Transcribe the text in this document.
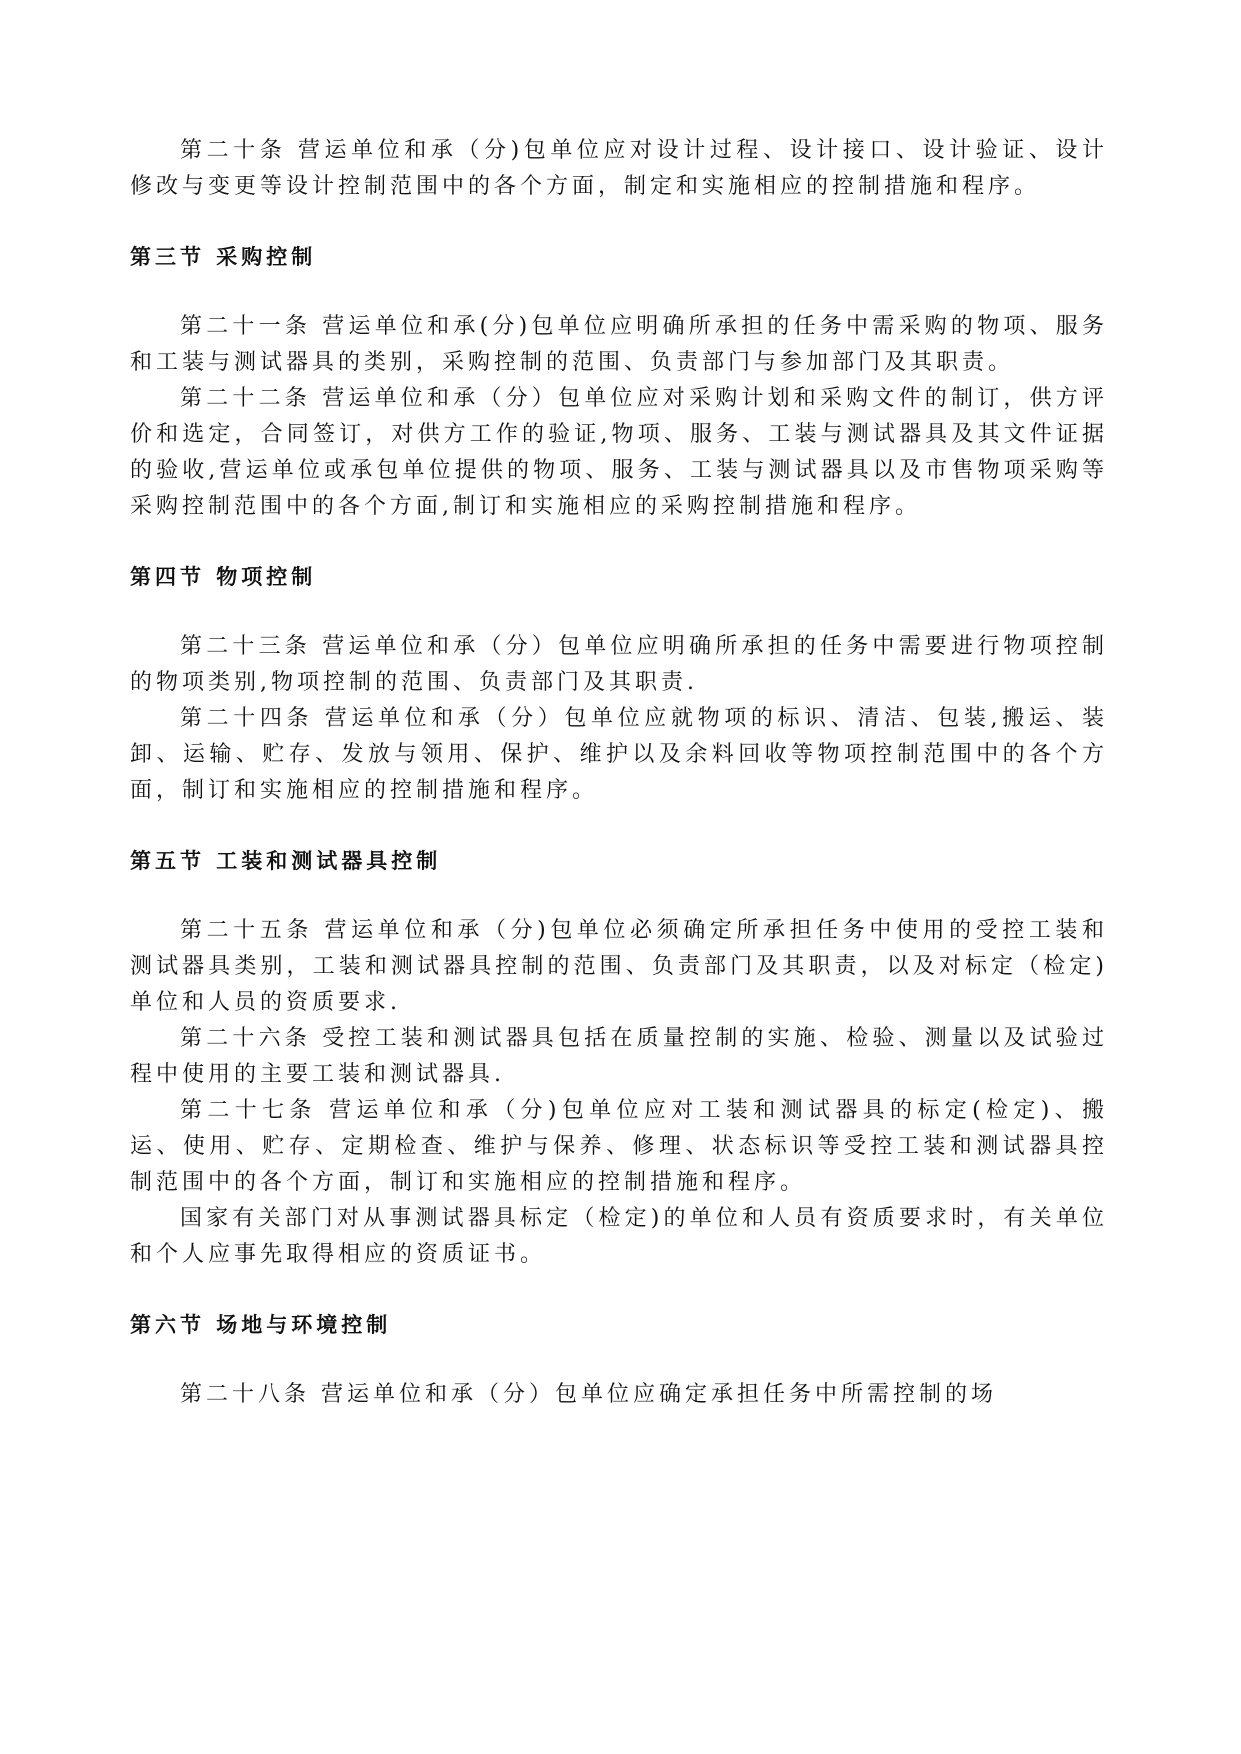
第二十条 营运单位和承（分)包单位应对设计过程、设计接口、设计验证、设计修改与变更等设计控制范围中的各个方面，制定和实施相应的控制措施和程序。

第三节 采购控制

第二十一条 营运单位和承(分)包单位应明确所承担的任务中需采购的物项、服务和工装与测试器具的类别，采购控制的范围、负责部门与参加部门及其职责。

第二十二条 营运单位和承（分）包单位应对采购计划和采购文件的制订，供方评价和选定，合同签订，对供方工作的验证,物项、服务、工装与测试器具及其文件证据的验收,营运单位或承包单位提供的物项、服务、工装与测试器具以及市售物项采购等采购控制范围中的各个方面,制订和实施相应的采购控制措施和程序。

第四节 物项控制

第二十三条 营运单位和承（分）包单位应明确所承担的任务中需要进行物项控制的物项类别,物项控制的范围、负责部门及其职责.

第二十四条 营运单位和承（分）包单位应就物项的标识、清洁、包装,搬运、装卸、运输、贮存、发放与领用、保护、维护以及余料回收等物项控制范围中的各个方面，制订和实施相应的控制措施和程序。

第五节 工装和测试器具控制

第二十五条 营运单位和承（分)包单位必须确定所承担任务中使用的受控工装和测试器具类别，工装和测试器具控制的范围、负责部门及其职责，以及对标定（检定)单位和人员的资质要求.

第二十六条 受控工装和测试器具包括在质量控制的实施、检验、测量以及试验过程中使用的主要工装和测试器具.

第二十七条 营运单位和承（分)包单位应对工装和测试器具的标定(检定)、搬运、使用、贮存、定期检查、维护与保养、修理、状态标识等受控工装和测试器具控制范围中的各个方面，制订和实施相应的控制措施和程序。

国家有关部门对从事测试器具标定（检定)的单位和人员有资质要求时，有关单位和个人应事先取得相应的资质证书。

第六节 场地与环境控制

第二十八条 营运单位和承（分）包单位应确定承担任务中所需控制的场
